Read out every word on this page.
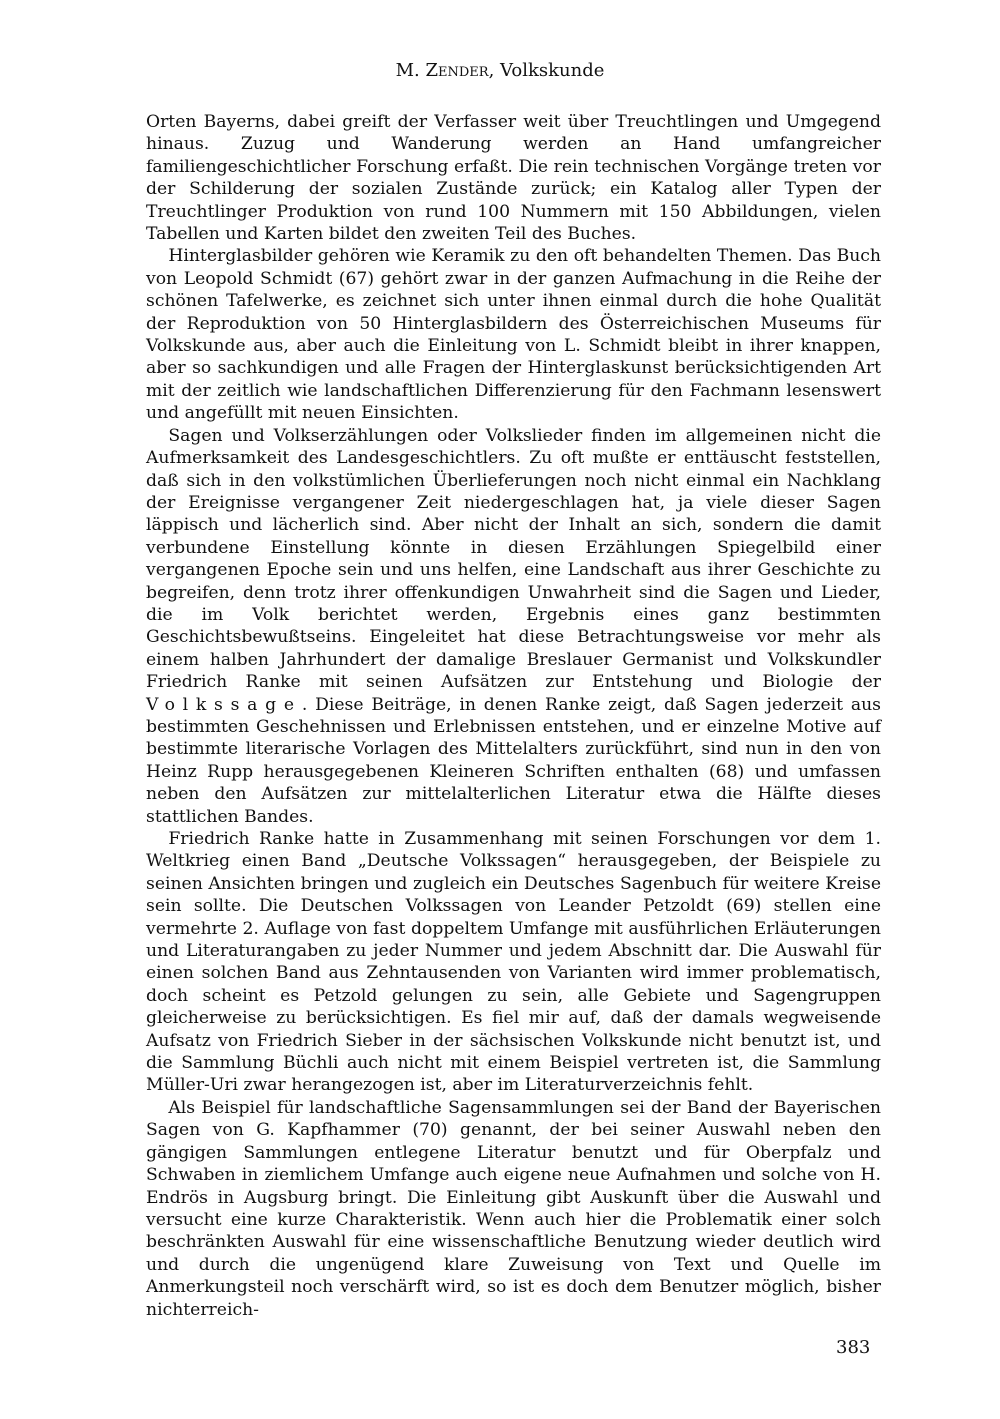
M. Zender, Volkskunde

Orten Bayerns, dabei greift der Verfasser weit über Treuchtlingen und Umgegend hinaus. Zuzug und Wanderung werden an Hand umfangreicher familiengeschichtlicher Forschung erfaßt. Die rein technischen Vorgänge treten vor der Schilderung der sozialen Zustände zurück; ein Katalog aller Typen der Treuchtlinger Produktion von rund 100 Nummern mit 150 Abbildungen, vielen Tabellen und Karten bildet den zweiten Teil des Buches.

Hinterglasbilder gehören wie Keramik zu den oft behandelten Themen. Das Buch von Leopold Schmidt (67) gehört zwar in der ganzen Aufmachung in die Reihe der schönen Tafelwerke, es zeichnet sich unter ihnen einmal durch die hohe Qualität der Reproduktion von 50 Hinterglasbildern des Österreichischen Museums für Volkskunde aus, aber auch die Einleitung von L. Schmidt bleibt in ihrer knappen, aber so sachkundigen und alle Fragen der Hinterglaskunst berücksichtigenden Art mit der zeitlich wie landschaftlichen Differenzierung für den Fachmann lesenswert und angefüllt mit neuen Einsichten.

Sagen und Volkserzählungen oder Volkslieder finden im allgemeinen nicht die Aufmerksamkeit des Landesgeschichtlers. Zu oft mußte er enttäuscht feststellen, daß sich in den volkstümlichen Überlieferungen noch nicht einmal ein Nachklang der Ereignisse vergangener Zeit niedergeschlagen hat, ja viele dieser Sagen läppisch und lächerlich sind. Aber nicht der Inhalt an sich, sondern die damit verbundene Einstellung könnte in diesen Erzählungen Spiegelbild einer vergangenen Epoche sein und uns helfen, eine Landschaft aus ihrer Geschichte zu begreifen, denn trotz ihrer offenkundigen Unwahrheit sind die Sagen und Lieder, die im Volk berichtet werden, Ergebnis eines ganz bestimmten Geschichtsbewußtseins. Eingeleitet hat diese Betrachtungsweise vor mehr als einem halben Jahrhundert der damalige Breslauer Germanist und Volkskundler Friedrich Ranke mit seinen Aufsätzen zur Entstehung und Biologie der Volkssage. Diese Beiträge, in denen Ranke zeigt, daß Sagen jederzeit aus bestimmten Geschehnissen und Erlebnissen entstehen, und er einzelne Motive auf bestimmte literarische Vorlagen des Mittelalters zurückführt, sind nun in den von Heinz Rupp herausgegebenen Kleineren Schriften enthalten (68) und umfassen neben den Aufsätzen zur mittelalterlichen Literatur etwa die Hälfte dieses stattlichen Bandes.

Friedrich Ranke hatte in Zusammenhang mit seinen Forschungen vor dem 1. Weltkrieg einen Band „Deutsche Volkssagen“ herausgegeben, der Beispiele zu seinen Ansichten bringen und zugleich ein Deutsches Sagenbuch für weitere Kreise sein sollte. Die Deutschen Volkssagen von Leander Petzoldt (69) stellen eine vermehrte 2. Auflage von fast doppeltem Umfange mit ausführlichen Erläuterungen und Literaturangaben zu jeder Nummer und jedem Abschnitt dar. Die Auswahl für einen solchen Band aus Zehntausenden von Varianten wird immer problematisch, doch scheint es Petzold gelungen zu sein, alle Gebiete und Sagengruppen gleicherweise zu berücksichtigen. Es fiel mir auf, daß der damals wegweisende Aufsatz von Friedrich Sieber in der sächsischen Volkskunde nicht benutzt ist, und die Sammlung Büchli auch nicht mit einem Beispiel vertreten ist, die Sammlung Müller-Uri zwar herangezogen ist, aber im Literaturverzeichnis fehlt.

Als Beispiel für landschaftliche Sagensammlungen sei der Band der Bayerischen Sagen von G. Kapfhammer (70) genannt, der bei seiner Auswahl neben den gängigen Sammlungen entlegene Literatur benutzt und für Oberpfalz und Schwaben in ziemlichem Umfange auch eigene neue Aufnahmen und solche von H. Endrös in Augsburg bringt. Die Einleitung gibt Auskunft über die Auswahl und versucht eine kurze Charakteristik. Wenn auch hier die Problematik einer solch beschränkten Auswahl für eine wissenschaftliche Benutzung wieder deutlich wird und durch die ungenügend klare Zuweisung von Text und Quelle im Anmerkungsteil noch verschärft wird, so ist es doch dem Benutzer möglich, bisher nichterreich-

383
